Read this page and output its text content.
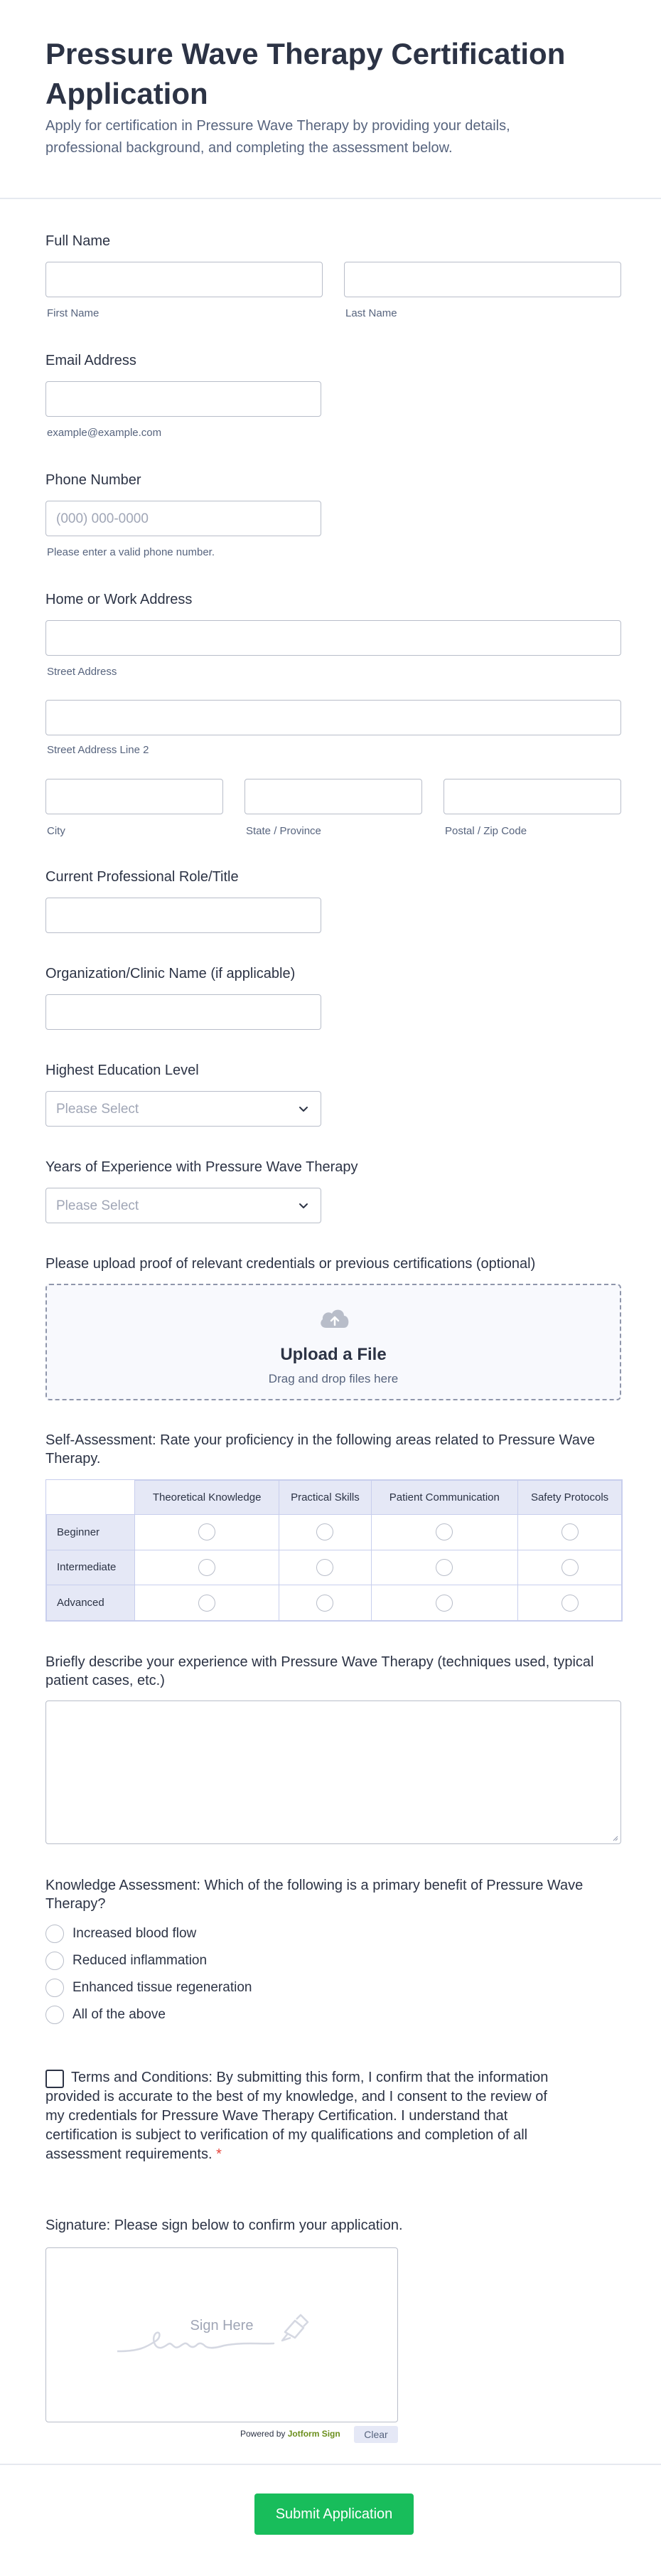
Pressure Wave Therapy Certification Application
Apply for certification in Pressure Wave Therapy by providing your details, professional background, and completing the assessment below.
Full Name
First Name	Last Name
Email Address
example@example.com
Phone Number
(000) 000-0000
Please enter a valid phone number.
Home or Work Address
Street Address
Street Address Line 2
City	State / Province	Postal / Zip Code
Current Professional Role/Title
Organization/Clinic Name (if applicable)
Highest Education Level
Please Select
Years of Experience with Pressure Wave Therapy
Please Select
Please upload proof of relevant credentials or previous certifications (optional)
Upload a File
Drag and drop files here
Self-Assessment: Rate your proficiency in the following areas related to Pressure Wave Therapy.
	Theoretical Knowledge	Practical Skills	Patient Communication	Safety Protocols
Beginner				
Intermediate				
Advanced				
Briefly describe your experience with Pressure Wave Therapy (techniques used, typical patient cases, etc.)
Knowledge Assessment: Which of the following is a primary benefit of Pressure Wave Therapy?
Increased blood flow
Reduced inflammation
Enhanced tissue regeneration
All of the above
Terms and Conditions: By submitting this form, I confirm that the information provided is accurate to the best of my knowledge, and I consent to the review of my credentials for Pressure Wave Therapy Certification. I understand that certification is subject to verification of my qualifications and completion of all assessment requirements. *
Signature: Please sign below to confirm your application.
Sign Here
Powered by Jotform Sign	Clear
Submit Application
